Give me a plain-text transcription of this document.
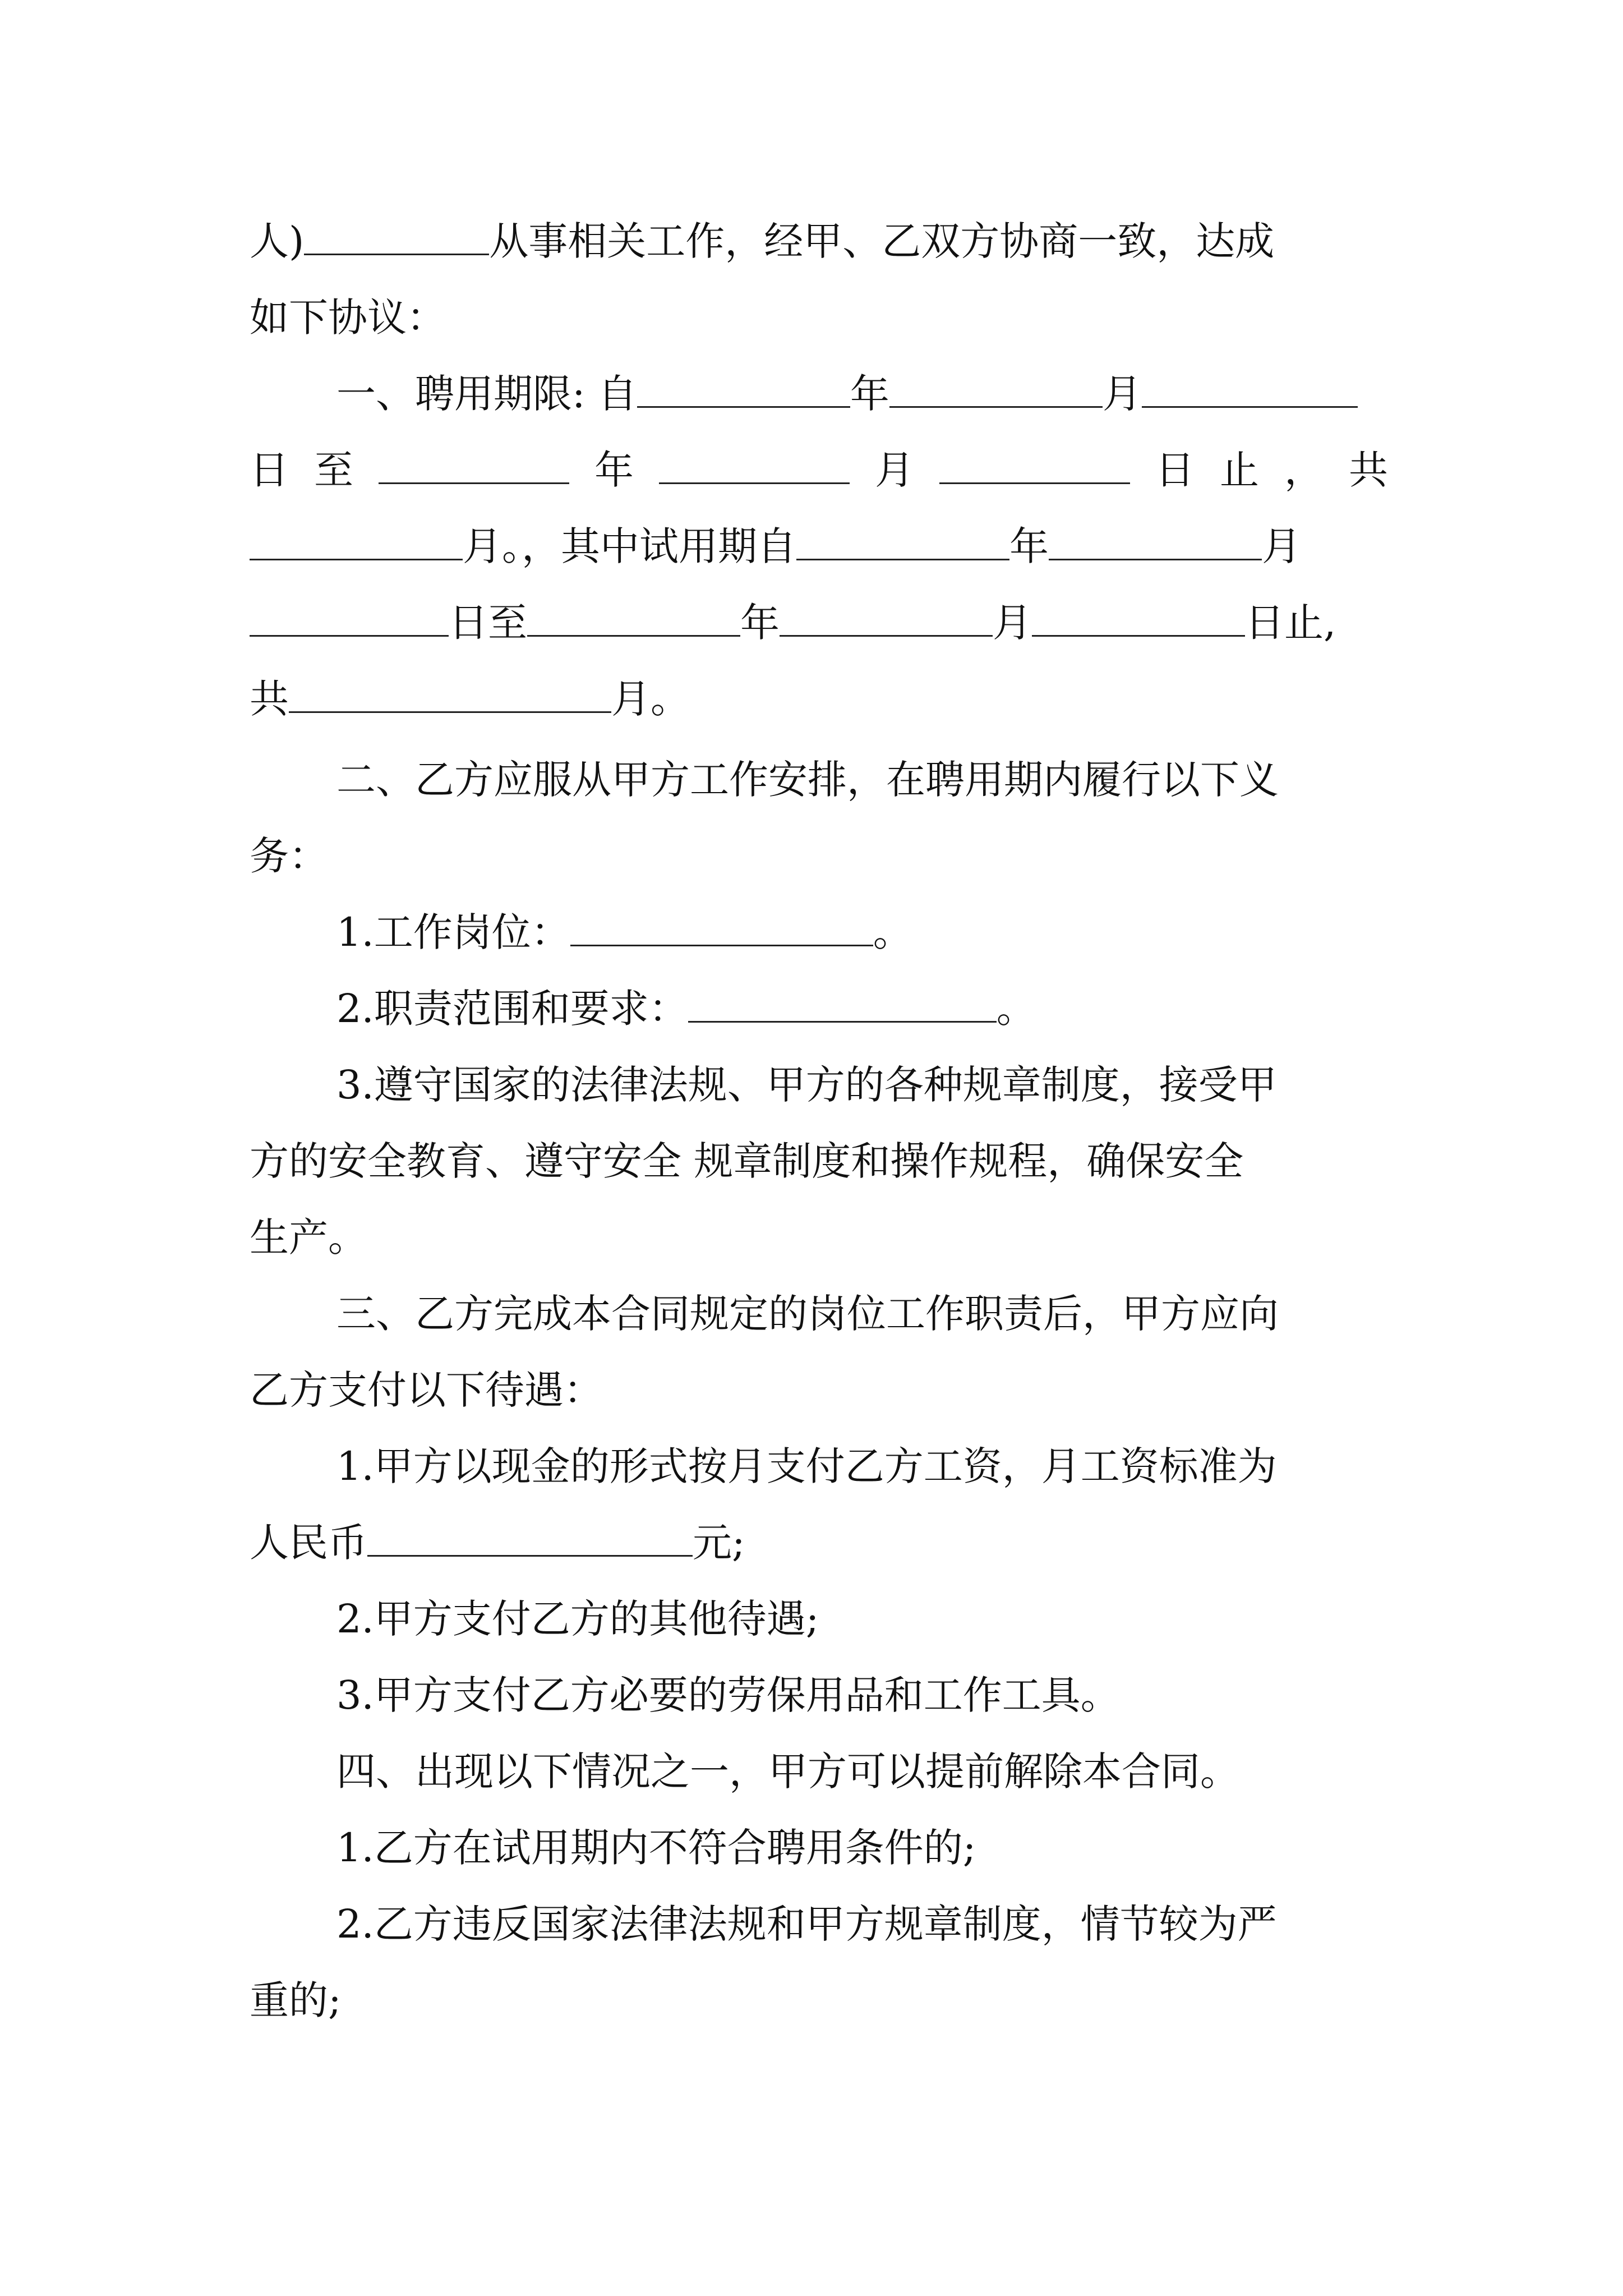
人)	从事相关工作，经甲、乙双方协商一致，达成
如下协议：
一、聘用期限: 自	年	月
日 至	年	月	日 止 ， 共
月。，其中试用期自	年	月
日至	年	月	日止,
共	月。
二、乙方应服从甲方工作安排，在聘用期内履行以下义
务：
1.工作岗位：	。
2.职责范围和要求：	。
3.遵守国家的法律法规、甲方的各种规章制度，接受甲
方的安全教育、遵守安全 规章制度和操作规程，确保安全
生产。
三、乙方完成本合同规定的岗位工作职责后，甲方应向
乙方支付以下待遇：
1.甲方以现金的形式按月支付乙方工资，月工资标准为
人民币	元;
2.甲方支付乙方的其他待遇;
3.甲方支付乙方必要的劳保用品和工作工具。
四、出现以下情况之一，甲方可以提前解除本合同。
1.乙方在试用期内不符合聘用条件的;
2.乙方违反国家法律法规和甲方规章制度，情节较为严
重的;
